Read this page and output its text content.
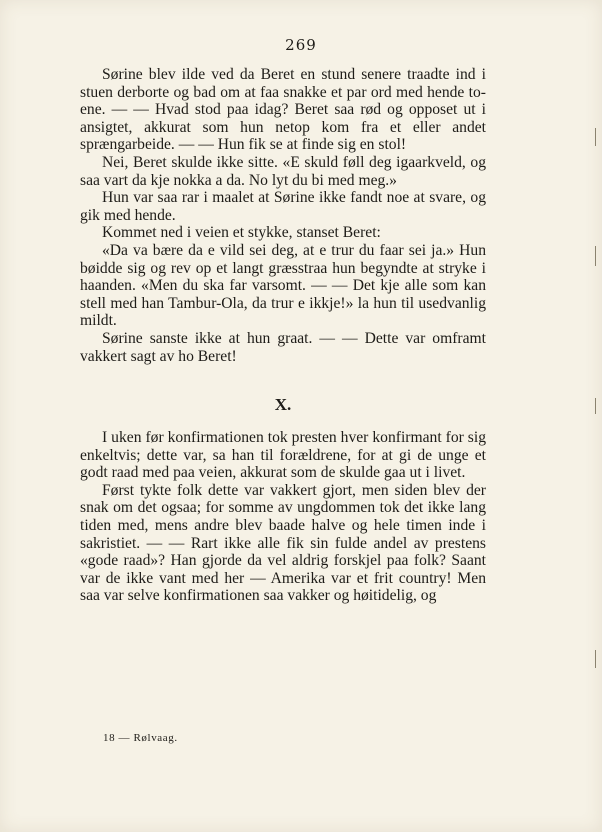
269

Sørine blev ilde ved da Beret en stund senere traadte ind i stuen derborte og bad om at faa snakke et par ord med hende to-ene. — — Hvad stod paa idag? Beret saa rød og opposet ut i ansigtet, akkurat som hun netop kom fra et eller andet sprængarbeide. — — Hun fik se at finde sig en stol!

Nei, Beret skulde ikke sitte. «E skuld føll deg igaarkveld, og saa vart da kje nokka a da. No lyt du bi med meg.»

Hun var saa rar i maalet at Sørine ikke fandt noe at svare, og gik med hende.

Kommet ned i veien et stykke, stanset Beret:

«Da va bære da e vild sei deg, at e trur du faar sei ja.» Hun bøidde sig og rev op et langt græsstraa hun begyndte at stryke i haanden. «Men du ska far varsomt. — — Det kje alle som kan stell med han Tambur-Ola, da trur e ikkje!» la hun til usedvanlig mildt.

Sørine sanste ikke at hun graat. — — Dette var omframt vakkert sagt av ho Beret!

X.

I uken før konfirmationen tok presten hver konfirmant for sig enkeltvis; dette var, sa han til forældrene, for at gi de unge et godt raad med paa veien, akkurat som de skulde gaa ut i livet.

Først tykte folk dette var vakkert gjort, men siden blev der snak om det ogsaa; for somme av ungdommen tok det ikke lang tiden med, mens andre blev baade halve og hele timen inde i sakristiet. — — Rart ikke alle fik sin fulde andel av prestens «gode raad»? Han gjorde da vel aldrig forskjel paa folk? Saant var de ikke vant med her — Amerika var et frit country! Men saa var selve konfirmationen saa vakker og høitidelig, og

18 — Rølvaag.
